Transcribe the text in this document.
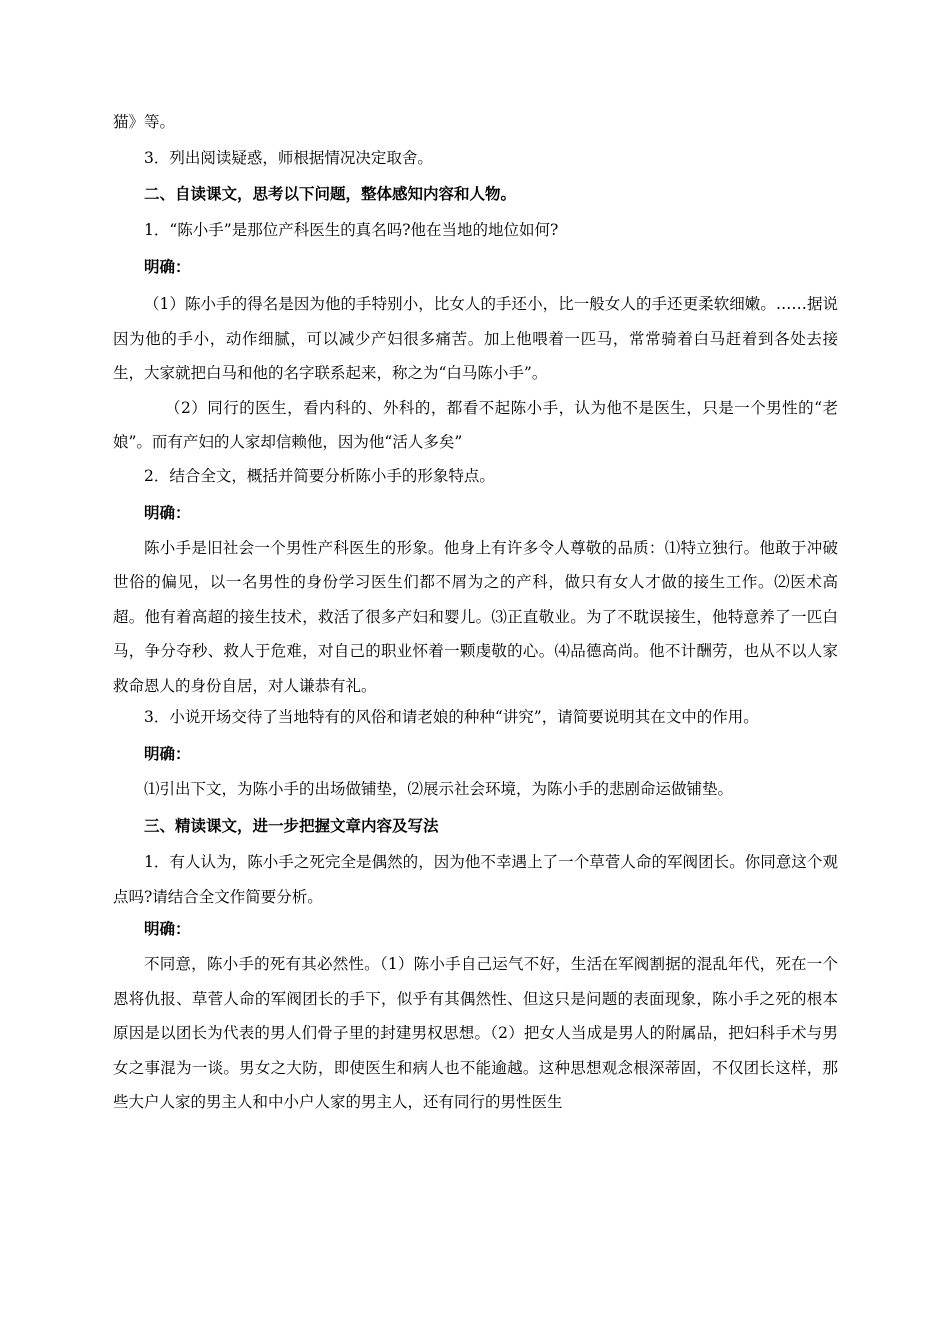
猫》等。

3．列出阅读疑惑，师根据情况决定取舍。

二、自读课文，思考以下问题，整体感知内容和人物。

1．“陈小手”是那位产科医生的真名吗?他在当地的地位如何?

明确：

（1）陈小手的得名是因为他的手特别小，比女人的手还小，比一般女人的手还更柔软细嫩。……据说因为他的手小，动作细腻，可以减少产妇很多痛苦。加上他喂着一匹马，常常骑着白马赶着到各处去接生，大家就把白马和他的名字联系起来，称之为“白马陈小手”。

（2）同行的医生，看内科的、外科的，都看不起陈小手，认为他不是医生，只是一个男性的“老娘”。而有产妇的人家却信赖他，因为他“活人多矣”

2．结合全文，概括并简要分析陈小手的形象特点。

明确：

陈小手是旧社会一个男性产科医生的形象。他身上有许多令人尊敬的品质：⑴特立独行。他敢于冲破世俗的偏见，以一名男性的身份学习医生们都不屑为之的产科，做只有女人才做的接生工作。⑵医术高超。他有着高超的接生技术，救活了很多产妇和婴儿。⑶正直敬业。为了不耽误接生，他特意养了一匹白马，争分夺秒、救人于危难，对自己的职业怀着一颗虔敬的心。⑷品德高尚。他不计酬劳，也从不以人家救命恩人的身份自居，对人谦恭有礼。

3．小说开场交待了当地特有的风俗和请老娘的种种“讲究”，请简要说明其在文中的作用。

明确：

⑴引出下文，为陈小手的出场做铺垫，⑵展示社会环境，为陈小手的悲剧命运做铺垫。

三、精读课文，进一步把握文章内容及写法

1．有人认为，陈小手之死完全是偶然的，因为他不幸遇上了一个草菅人命的军阀团长。你同意这个观点吗?请结合全文作简要分析。

明确：

不同意，陈小手的死有其必然性。（1）陈小手自己运气不好，生活在军阀割据的混乱年代，死在一个恩将仇报、草菅人命的军阀团长的手下，似乎有其偶然性、但这只是问题的表面现象，陈小手之死的根本原因是以团长为代表的男人们骨子里的封建男权思想。（2）把女人当成是男人的附属品，把妇科手术与男女之事混为一谈。男女之大防，即使医生和病人也不能逾越。这种思想观念根深蒂固，不仅团长这样，那些大户人家的男主人和中小户人家的男主人，还有同行的男性医生
